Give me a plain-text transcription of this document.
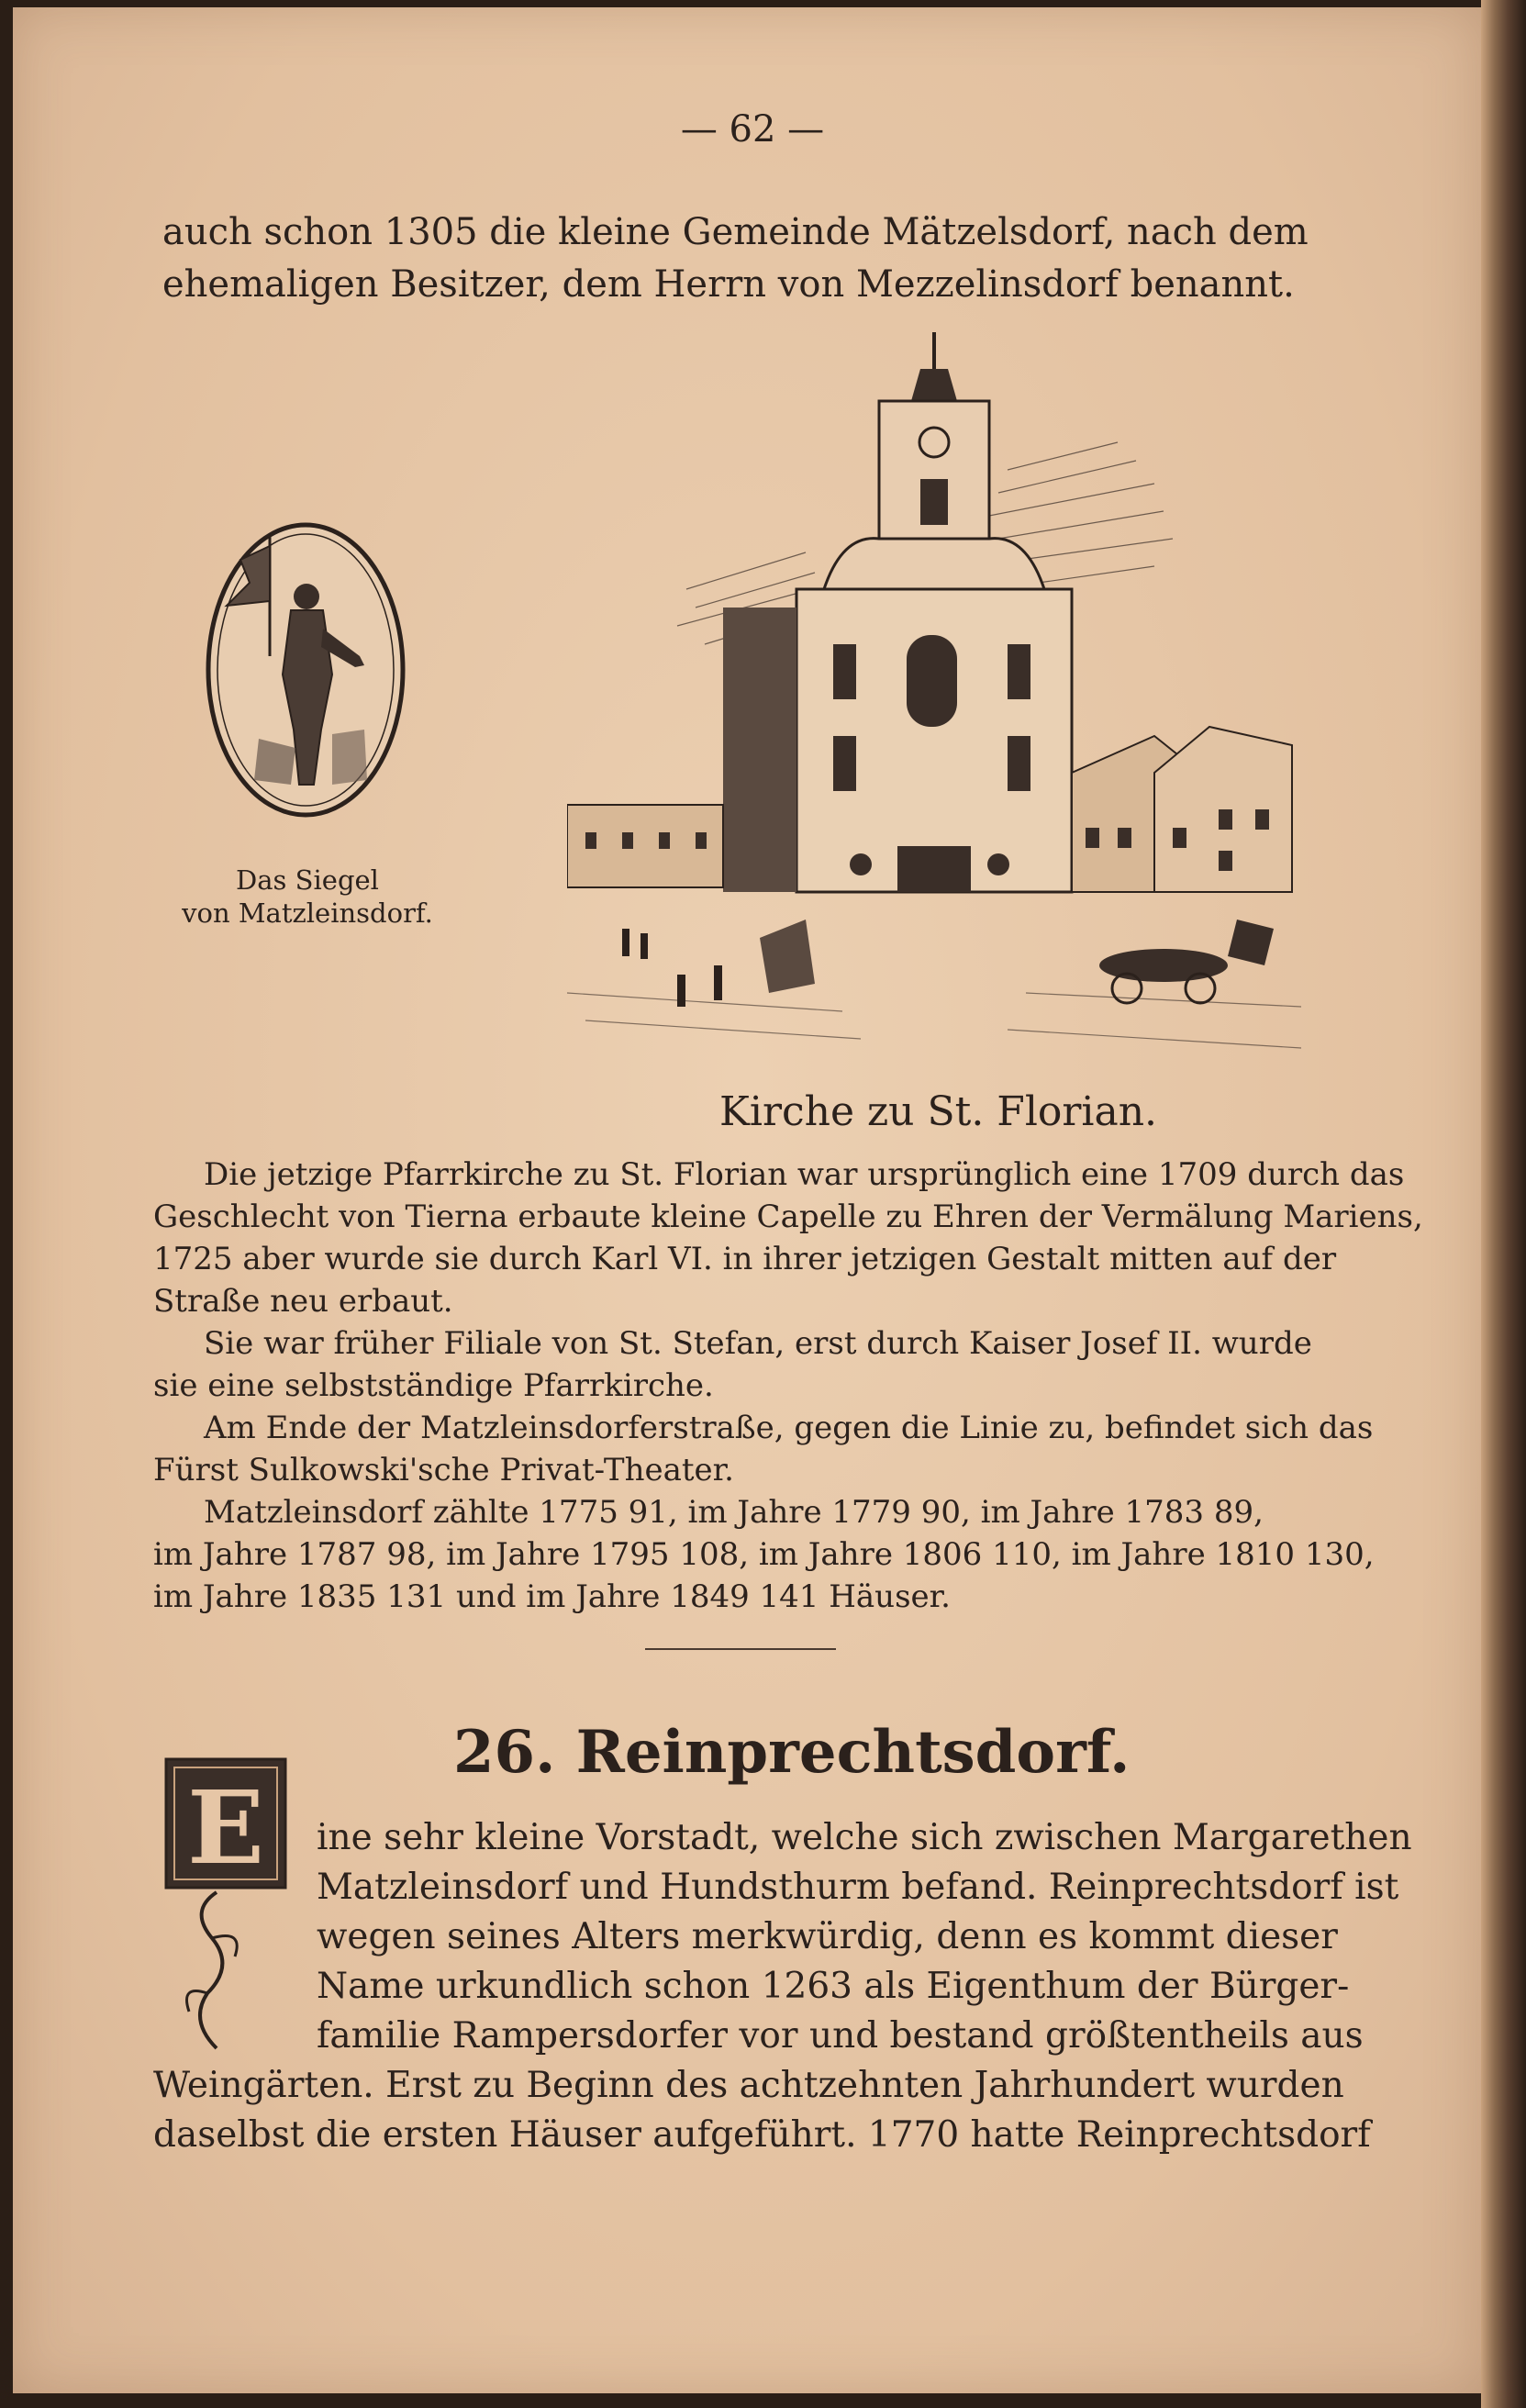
— 62 —
auch schon 1305 die kleine Gemeinde Mätzelsdorf, nach dem
ehemaligen Besitzer, dem Herrn von Mezzelinsdorf benannt.
Das Siegel
von Matzleinsdorf.
Kirche zu St. Florian.
Die jetzige Pfarrkirche zu St. Florian war ursprünglich eine 1709 durch das
Geschlecht von Tierna erbaute kleine Capelle zu Ehren der Vermälung Mariens,
1725 aber wurde sie durch Karl VI. in ihrer jetzigen Gestalt mitten auf der
Straße neu erbaut.
Sie war früher Filiale von St. Stefan, erst durch Kaiser Josef II. wurde
sie eine selbstständige Pfarrkirche.
Am Ende der Matzleinsdorferstraße, gegen die Linie zu, befindet sich das
Fürst Sulkowski'sche Privat-Theater.
Matzleinsdorf zählte 1775 91, im Jahre 1779 90, im Jahre 1783 89,
im Jahre 1787 98, im Jahre 1795 108, im Jahre 1806 110, im Jahre 1810 130,
im Jahre 1835 131 und im Jahre 1849 141 Häuser.
26. Reinprechtsdorf.
E ine sehr kleine Vorstadt, welche sich zwischen Margarethen
Matzleinsdorf und Hundsthurm befand. Reinprechtsdorf ist
wegen seines Alters merkwürdig, denn es kommt dieser
Name urkundlich schon 1263 als Eigenthum der Bürger-
familie Rampersdorfer vor und bestand größtentheils aus
Weingärten. Erst zu Beginn des achtzehnten Jahrhundert wurden
daselbst die ersten Häuser aufgeführt. 1770 hatte Reinprechtsdorf
